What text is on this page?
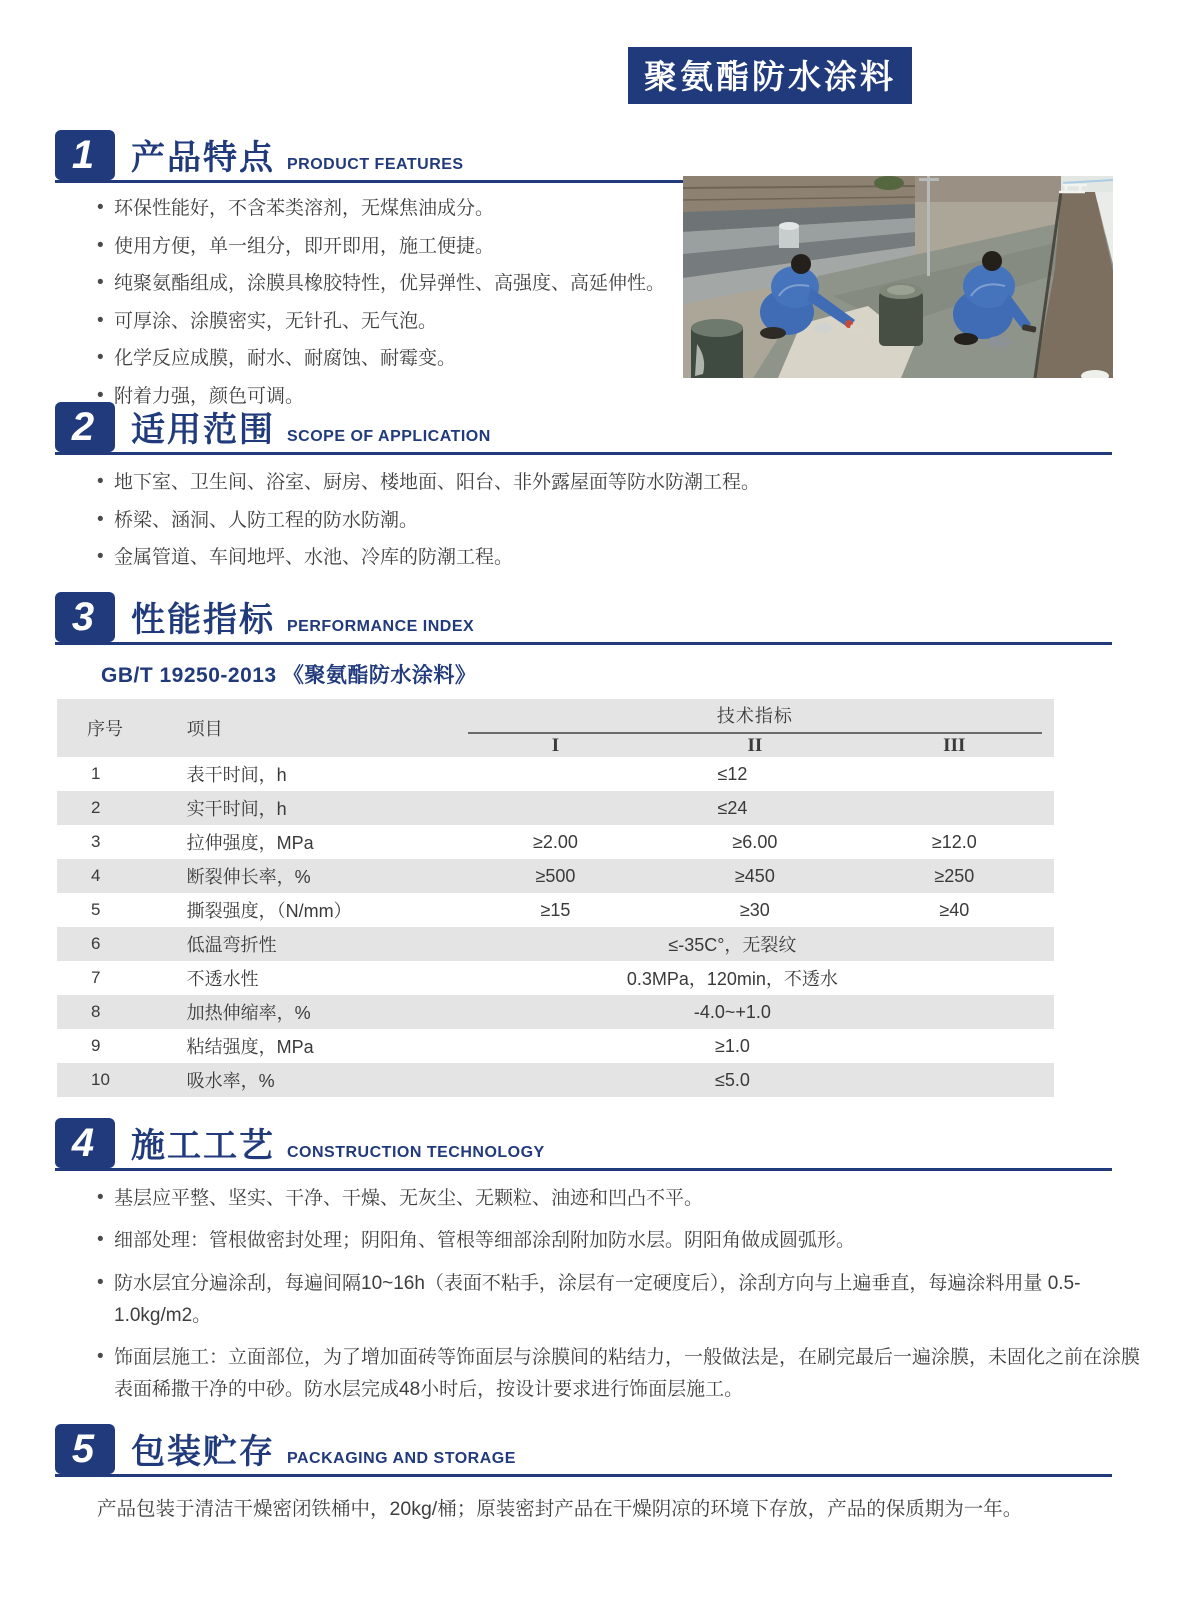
聚氨酯防水涂料
1	产品特点 PRODUCT FEATURES
• 环保性能好，不含苯类溶剂，无煤焦油成分。
• 使用方便，单一组分，即开即用，施工便捷。
• 纯聚氨酯组成，涂膜具橡胶特性，优异弹性、高强度、高延伸性。
• 可厚涂、涂膜密实，无针孔、无气泡。
• 化学反应成膜，耐水、耐腐蚀、耐霉变。
• 附着力强，颜色可调。
2	适用范围 SCOPE OF APPLICATION
• 地下室、卫生间、浴室、厨房、楼地面、阳台、非外露屋面等防水防潮工程。
• 桥梁、涵洞、人防工程的防水防潮。
• 金属管道、车间地坪、水池、冷库的防潮工程。
3	性能指标 PERFORMANCE INDEX
GB/T 19250-2013 《聚氨酯防水涂料》
序号	项目
技术指标
I	II	III
1	表干时间，h	≤12
2	实干时间，h	≤24
3	拉伸强度，MPa	≥2.00	≥6.00	≥12.0
4	断裂伸长率，%	≥500	≥450	≥250
5	撕裂强度，（N/mm）	≥15	≥30	≥40
6	低温弯折性	≤-35C°，无裂纹
7	不透水性	0.3MPa，120min，不透水
8	加热伸缩率，%	-4.0~+1.0
9	粘结强度，MPa	≥1.0
10	吸水率，%	≤5.0
4	施工工艺 CONSTRUCTION TECHNOLOGY
• 基层应平整、坚实、干净、干燥、无灰尘、无颗粒、油迹和凹凸不平。
• 细部处理：管根做密封处理；阴阳角、管根等细部涂刮附加防水层。阴阳角做成圆弧形。
• 防水层宜分遍涂刮，每遍间隔10~16h（表面不粘手，涂层有一定硬度后），涂刮方向与上遍垂直，每遍涂料用量 0.5-1.0kg/m2。
• 饰面层施工：立面部位，为了增加面砖等饰面层与涂膜间的粘结力，一般做法是，在刷完最后一遍涂膜，未固化之前在涂膜表面稀撒干净的中砂。防水层完成48小时后，按设计要求进行饰面层施工。
5	包装贮存 PACKAGING AND STORAGE
产品包装于清洁干燥密闭铁桶中，20kg/桶；原装密封产品在干燥阴凉的环境下存放，产品的保质期为一年。
